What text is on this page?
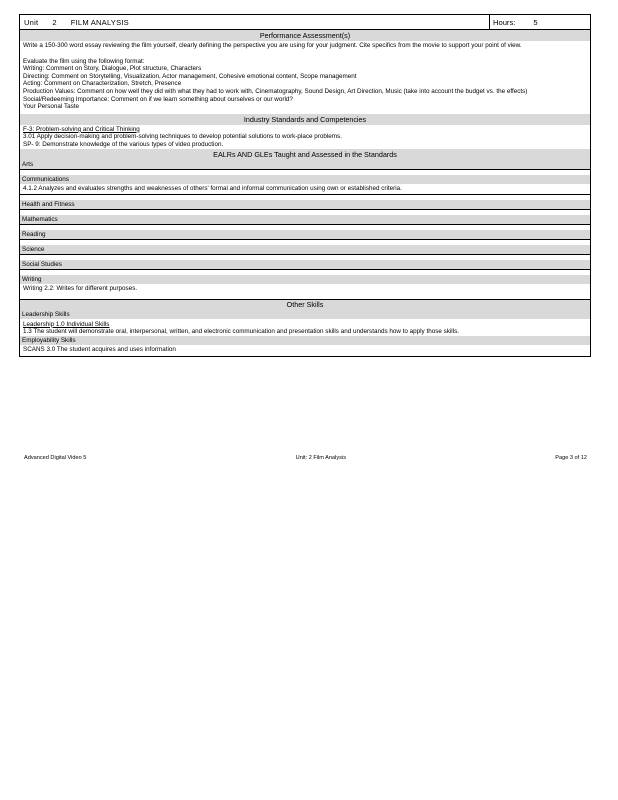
Unit 2 FILM ANALYSIS	Hours: 5
Performance Assessment(s)
Write a 150-300 word essay reviewing the film yourself, clearly defining the perspective you are using for your judgment. Cite specifics from the movie to support your point of view.
Evaluate the film using the following format:
Writing: Comment on Story, Dialogue, Plot structure, Characters
Directing: Comment on Storytelling, Visualization, Actor management, Cohesive emotional content, Scope management
Acting: Comment on Characterization, Stretch, Presence
Production Values: Comment on how well they did with what they had to work with, Cinematography, Sound Design, Art Direction, Music (take into account the budget vs. the effects)
Social/Redeeming Importance: Comment on if we learn something about ourselves or our world?
Your Personal Taste
Industry Standards and Competencies
F-3: Problem-solving and Critical Thinking
3.01 Apply decision-making and problem-solving techniques to develop potential solutions to work-place problems.
SP- 9: Demonstrate knowledge of the various types of video production.
EALRs AND GLEs Taught and Assessed in the Standards
Arts
Communications
4.1.2 Analyzes and evaluates strengths and weaknesses of others' formal and informal communication using own or established criteria.
Health and Fitness
Mathematics
Reading
Science
Social Studies
Writing
Writing 2.2: Writes for different purposes.
Other Skills
Leadership Skills
Leadership 1.0 Individual Skills
1.3 The student will demonstrate oral, interpersonal, written, and electronic communication and presentation skills and understands how to apply those skills.
Employability Skills
SCANS 3.0 The student acquires and uses information
Advanced Digital Video 5	Unit: 2 Film Analysis	Page 3 of 12
